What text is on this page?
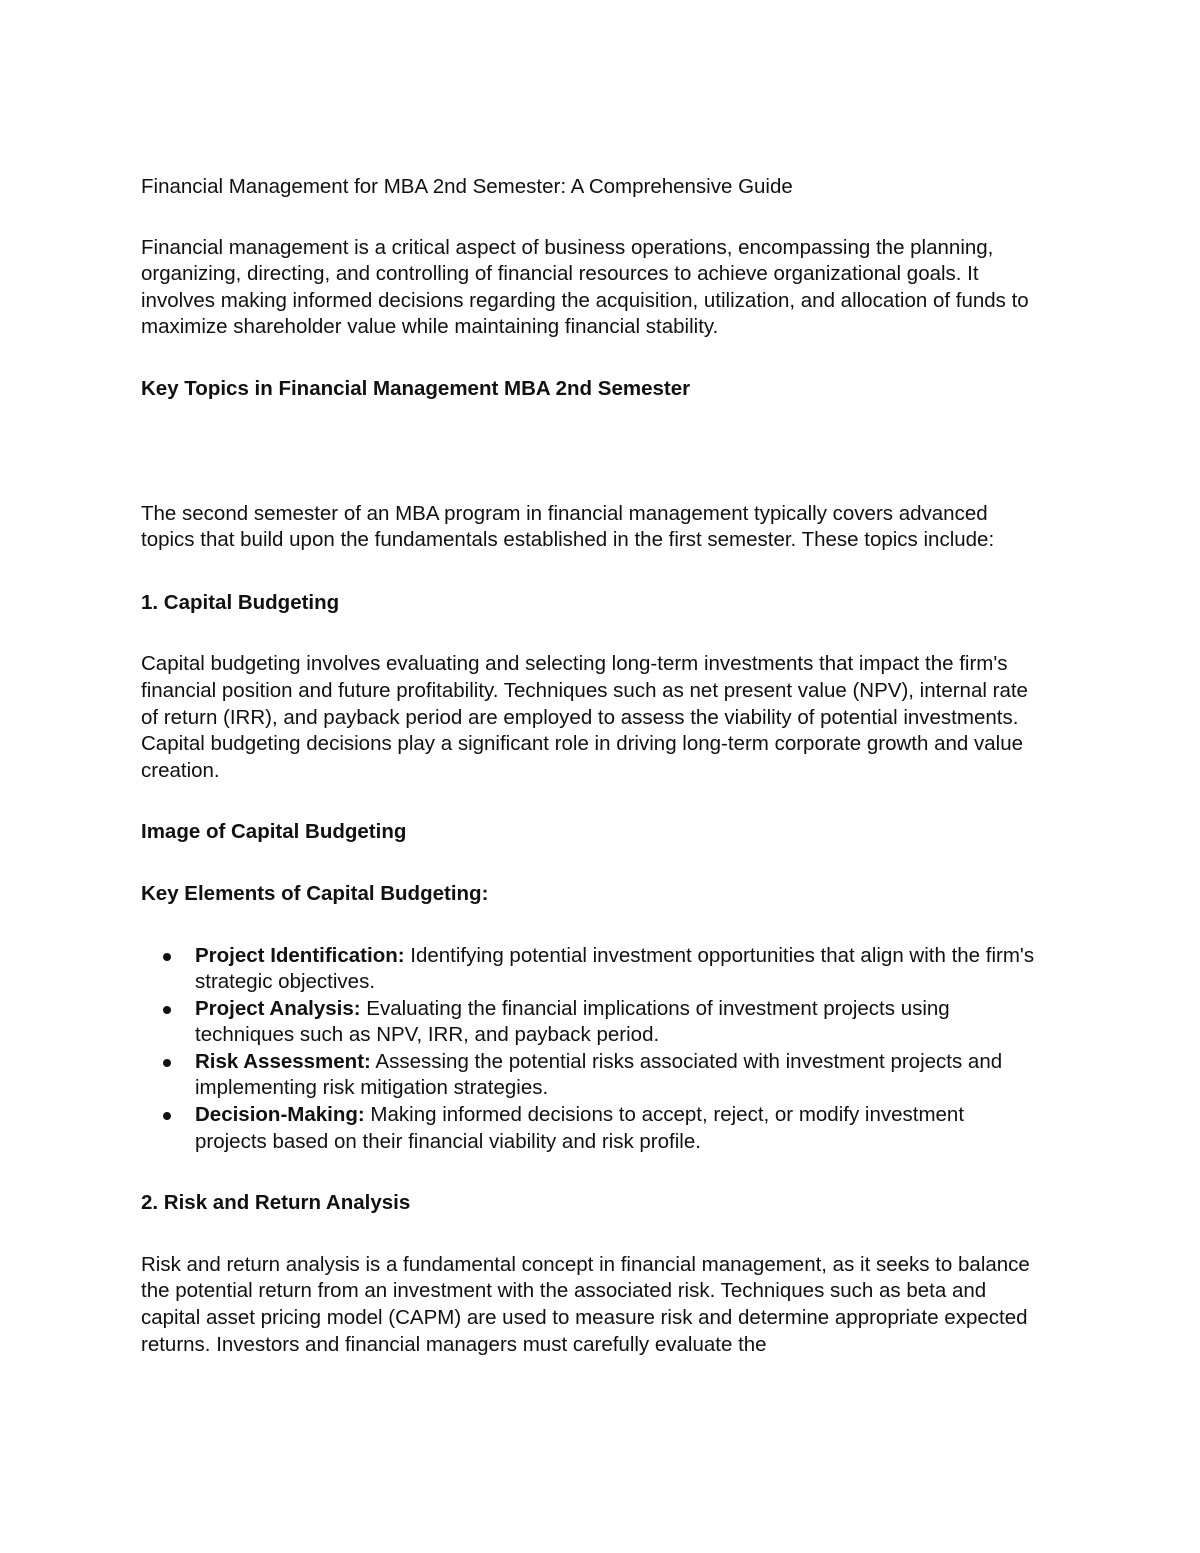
Financial Management for MBA 2nd Semester: A Comprehensive Guide

Financial management is a critical aspect of business operations, encompassing the planning, organizing, directing, and controlling of financial resources to achieve organizational goals. It involves making informed decisions regarding the acquisition, utilization, and allocation of funds to maximize shareholder value while maintaining financial stability.

Key Topics in Financial Management MBA 2nd Semester

The second semester of an MBA program in financial management typically covers advanced topics that build upon the fundamentals established in the first semester. These topics include:

1. Capital Budgeting

Capital budgeting involves evaluating and selecting long-term investments that impact the firm's financial position and future profitability. Techniques such as net present value (NPV), internal rate of return (IRR), and payback period are employed to assess the viability of potential investments. Capital budgeting decisions play a significant role in driving long-term corporate growth and value creation.

Image of Capital Budgeting

Key Elements of Capital Budgeting:

Project Identification: Identifying potential investment opportunities that align with the firm's strategic objectives.
Project Analysis: Evaluating the financial implications of investment projects using techniques such as NPV, IRR, and payback period.
Risk Assessment: Assessing the potential risks associated with investment projects and implementing risk mitigation strategies.
Decision-Making: Making informed decisions to accept, reject, or modify investment projects based on their financial viability and risk profile.

2. Risk and Return Analysis

Risk and return analysis is a fundamental concept in financial management, as it seeks to balance the potential return from an investment with the associated risk. Techniques such as beta and capital asset pricing model (CAPM) are used to measure risk and determine appropriate expected returns. Investors and financial managers must carefully evaluate the
